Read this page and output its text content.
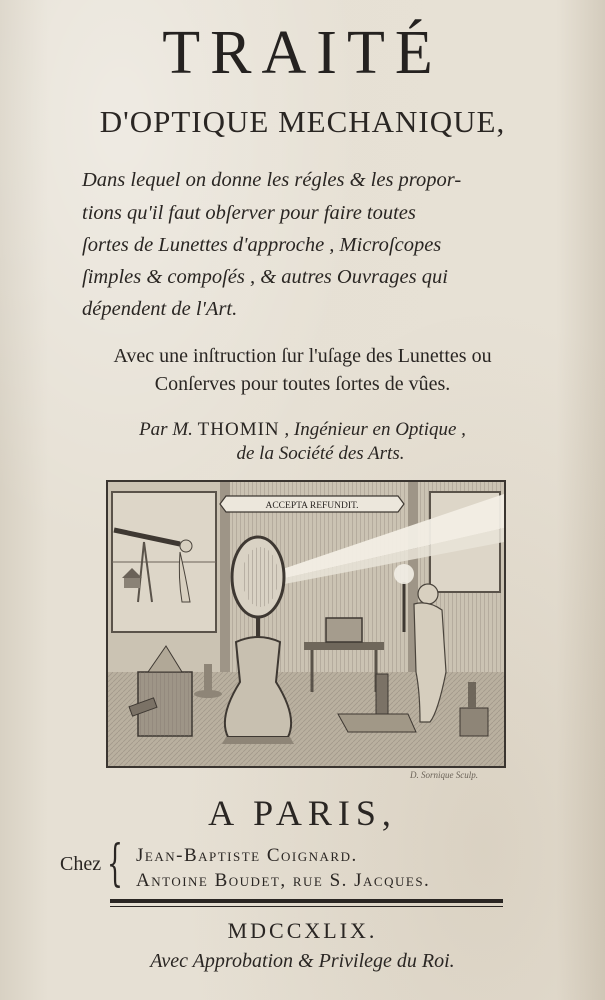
TRAITÉ
D'OPTIQUE MECHANIQUE,
Dans lequel on donne les régles & les propor-
tions qu'il faut obſerver pour faire toutes
ſortes de Lunettes d'approche , Microſcopes
ſimples & compoſés , & autres Ouvrages qui
dépendent de l'Art.
Avec une inſtruction ſur l'uſage des Lunettes ou
Conſerves pour toutes ſortes de vûes.
Par M. THOMIN , Ingénieur en Optique ,
de la Société des Arts.
ACCEPTA REFUNDIT.
D. Sornique Sculp.
A PARIS,
Chez { Jean-Baptiste Coignard.
Antoine Boudet, rue S. Jacques.
MDCCXLIX.
Avec Approbation & Privilege du Roi.
